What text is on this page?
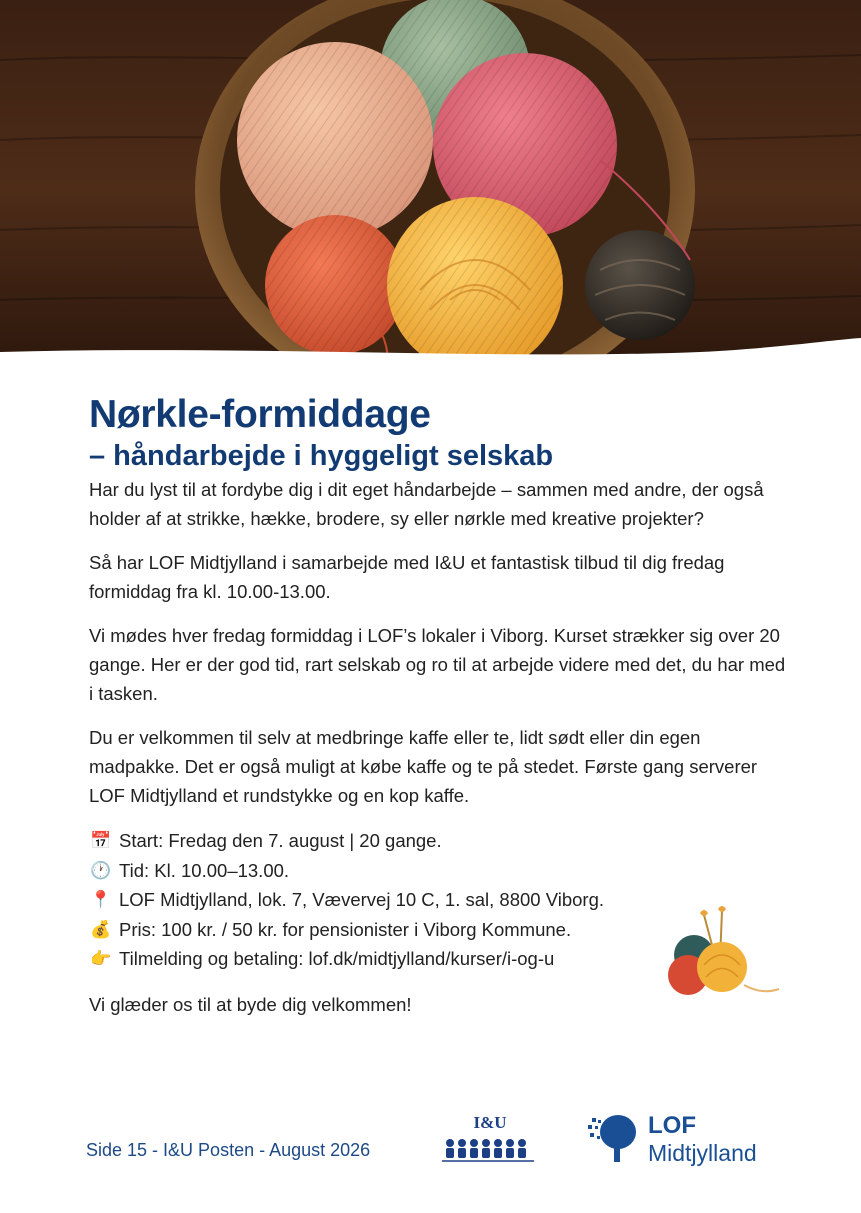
Nørkle-formiddage
– håndarbejde i hyggeligt selskab

Har du lyst til at fordybe dig i dit eget håndarbejde – sammen med andre, der også holder af at strikke, hække, brodere, sy eller nørkle med kreative projekter?

Så har LOF Midtjylland i samarbejde med I&U et fantastisk tilbud til dig fredag formiddag fra kl. 10.00-13.00.

Vi mødes hver fredag formiddag i LOF’s lokaler i Viborg. Kurset strækker sig over 20 gange. Her er der god tid, rart selskab og ro til at arbejde videre med det, du har med i tasken.

Du er velkommen til selv at medbringe kaffe eller te, lidt sødt eller din egen madpakke. Det er også muligt at købe kaffe og te på stedet. Første gang serverer LOF Midtjylland et rundstykke og en kop kaffe.

📅 Start: Fredag den 7. august | 20 gange.
🕐 Tid: Kl. 10.00–13.00.
📍 LOF Midtjylland, lok. 7, Vævervej 10 C, 1. sal, 8800 Viborg.
💰 Pris: 100 kr. / 50 kr. for pensionister i Viborg Kommune.
👉 Tilmelding og betaling: lof.dk/midtjylland/kurser/i-og-u

Vi glæder os til at byde dig velkommen!

Side 15 - I&U Posten - August 2026
I&U	LOF
Midtjylland
